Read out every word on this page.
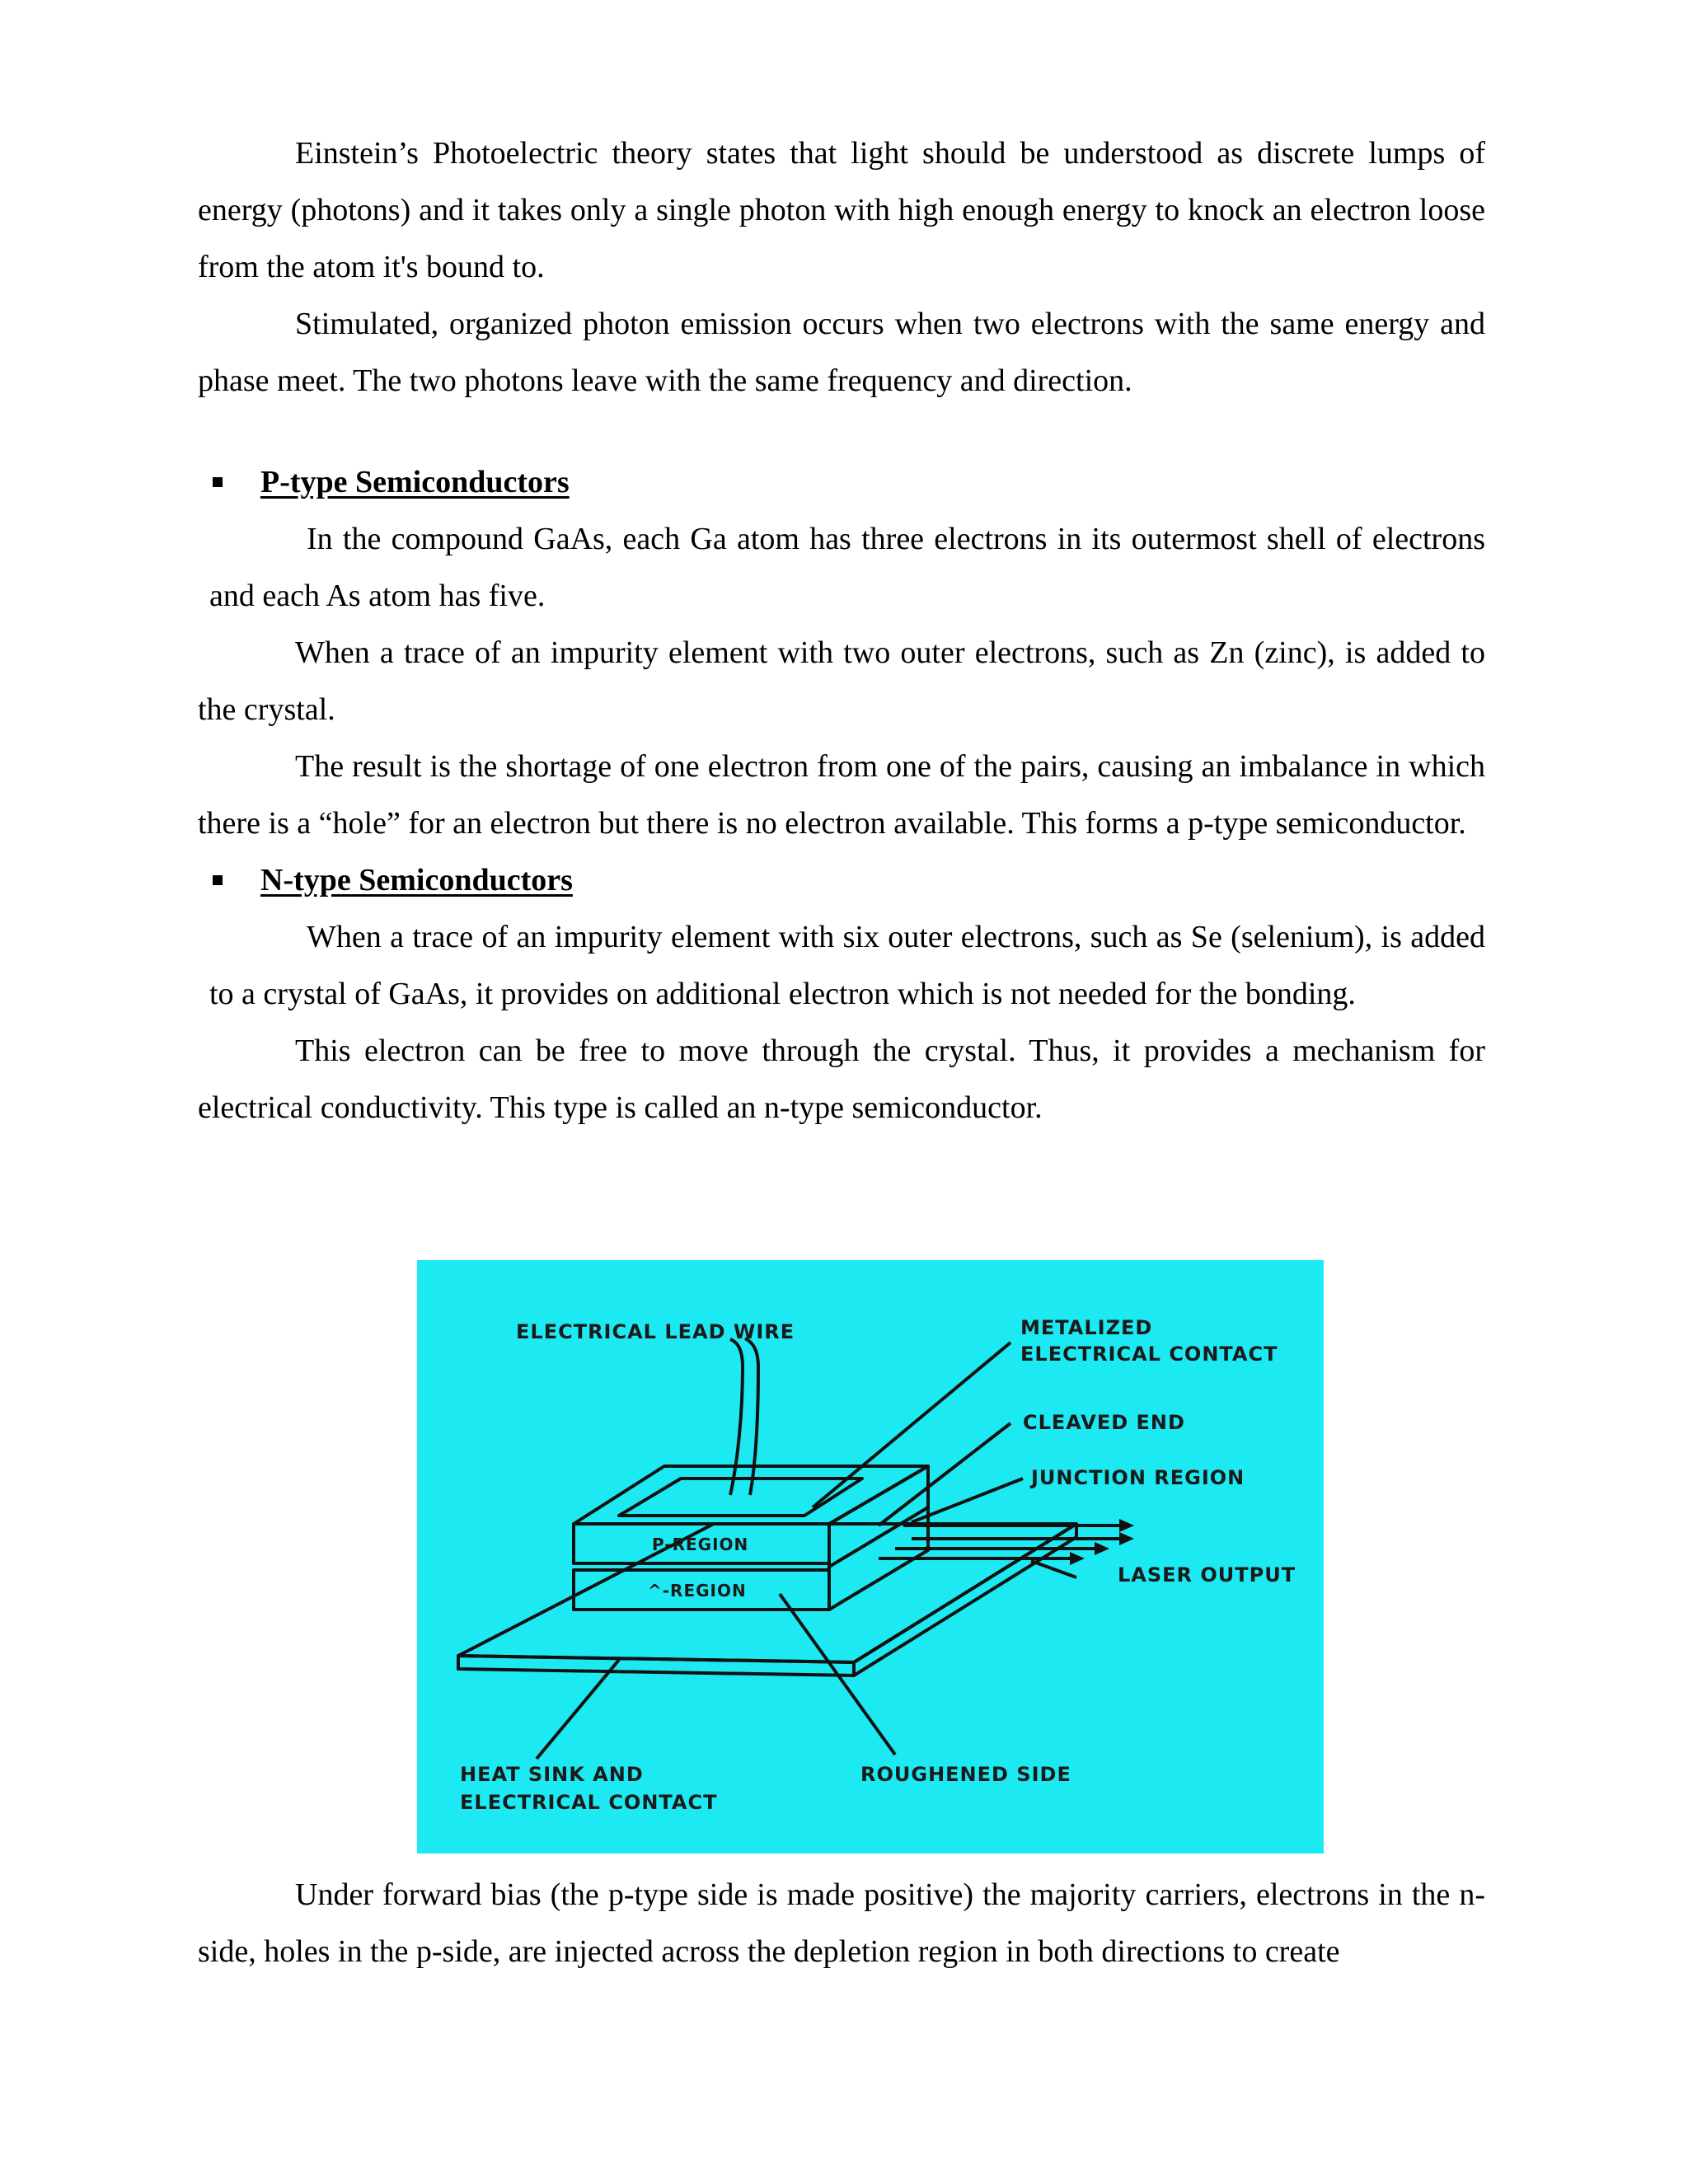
Einstein’s Photoelectric theory states that light should be understood as discrete lumps of energy (photons) and it takes only a single photon with high enough energy to knock an electron loose from the atom it's bound to.

Stimulated, organized photon emission occurs when two electrons with the same energy and phase meet. The two photons leave with the same frequency and direction.

P-type Semiconductors

In the compound GaAs, each Ga atom has three electrons in its outermost shell of electrons and each As atom has five.

When a trace of an impurity element with two outer electrons, such as Zn (zinc), is added to the crystal.

The result is the shortage of one electron from one of the pairs, causing an imbalance in which there is a “hole” for an electron but there is no electron available. This forms a p-type semiconductor.

N-type Semiconductors

When a trace of an impurity element with six outer electrons, such as Se (selenium), is added to a crystal of GaAs, it provides on additional electron which is not needed for the bonding.

This electron can be free to move through the crystal. Thus, it provides a mechanism for electrical conductivity. This type is called an n-type semiconductor.

ELECTRICAL LEAD WIRE	METALIZED
ELECTRICAL CONTACT
CLEAVED END
JUNCTION REGION
LASER OUTPUT
P-REGION
^-REGION
HEAT SINK AND
ELECTRICAL CONTACT
ROUGHENED SIDE

Under forward bias (the p-type side is made positive) the majority carriers, electrons in the n-side, holes in the p-side, are injected across the depletion region in both directions to create
